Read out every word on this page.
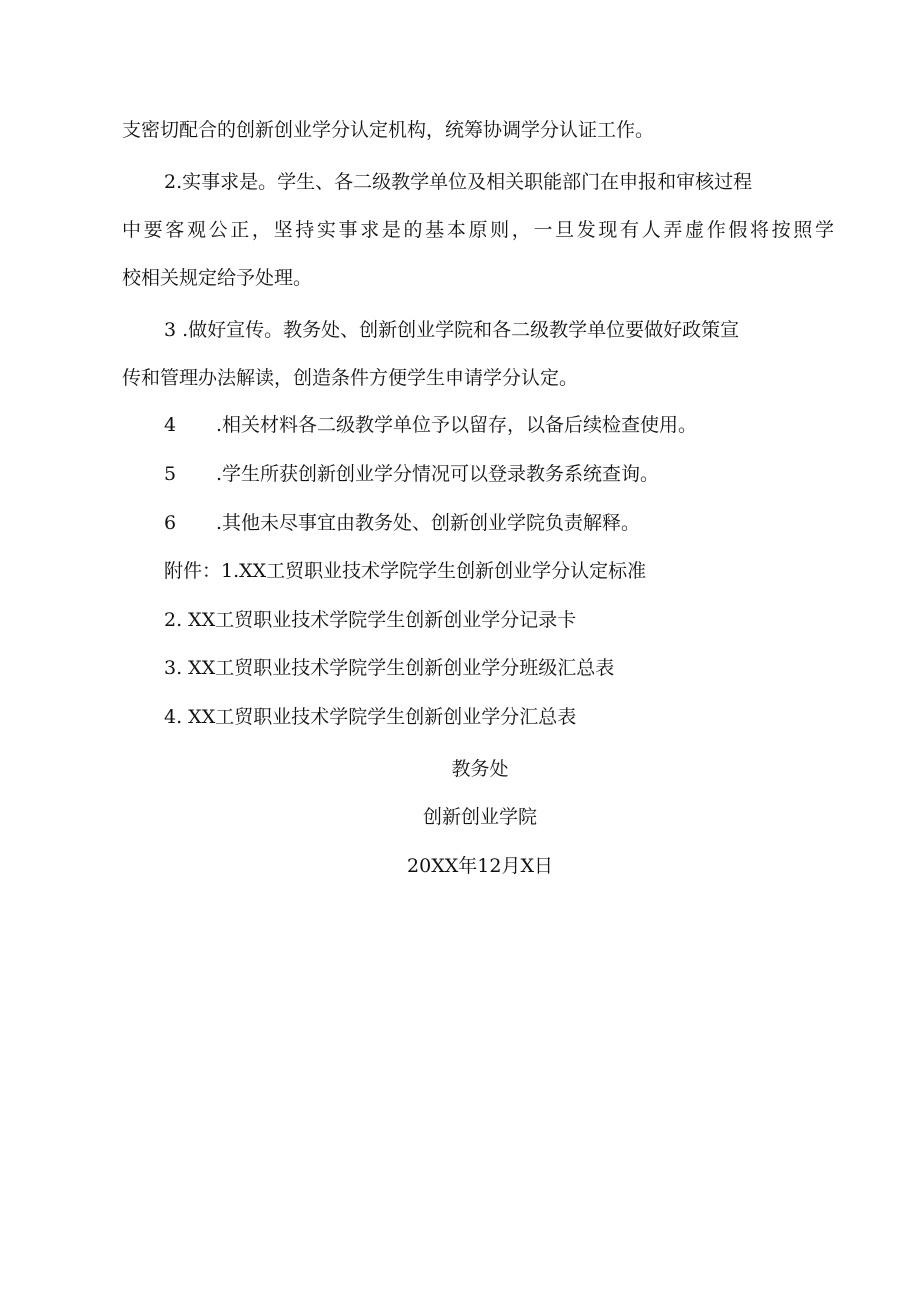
支密切配合的创新创业学分认定机构，统筹协调学分认证工作。
2.实事求是。学生、各二级教学单位及相关职能部门在申报和审核过程
中要客观公正，坚持实事求是的基本原则，一旦发现有人弄虚作假将按照学
校相关规定给予处理。
3 .做好宣传。教务处、创新创业学院和各二级教学单位要做好政策宣
传和管理办法解读，创造条件方便学生申请学分认定。
4 .相关材料各二级教学单位予以留存，以备后续检查使用。
5 .学生所获创新创业学分情况可以登录教务系统查询。
6 .其他未尽事宜由教务处、创新创业学院负责解释。
附件：1.XX工贸职业技术学院学生创新创业学分认定标准
2. XX工贸职业技术学院学生创新创业学分记录卡
3. XX工贸职业技术学院学生创新创业学分班级汇总表
4. XX工贸职业技术学院学生创新创业学分汇总表
教务处
创新创业学院
20XX年12月X日
